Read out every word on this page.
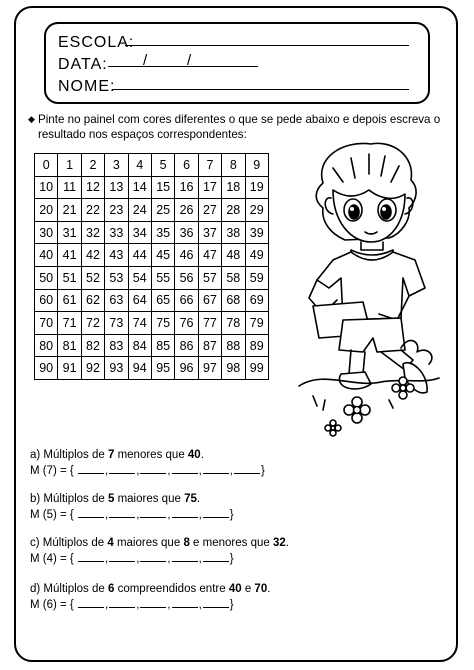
ESCOLA:
DATA: /	/
NOME:
◆ Pinte no painel com cores diferentes o que se pede abaixo e depois escreva o resultado nos espaços correspondentes:
0	1	2	3	4	5	6	7	8	9
10	11	12	13	14	15	16	17	18	19
20	21	22	23	24	25	26	27	28	29
30	31	32	33	34	35	36	37	38	39
40	41	42	43	44	45	46	47	48	49
50	51	52	53	54	55	56	57	58	59
60	61	62	63	64	65	66	67	68	69
70	71	72	73	74	75	76	77	78	79
80	81	82	83	84	85	86	87	88	89
90	91	92	93	94	95	96	97	98	99
a) Múltiplos de 7 menores que 40.
M (7) = { , , , , , }
b) Múltiplos de 5 maiores que 75.
M (5) = { , , , , }
c) Múltiplos de 4 maiores que 8 e menores que 32.
M (4) = { , , , , }
d) Múltiplos de 6 compreendidos entre 40 e 70.
M (6) = { , , , , }
